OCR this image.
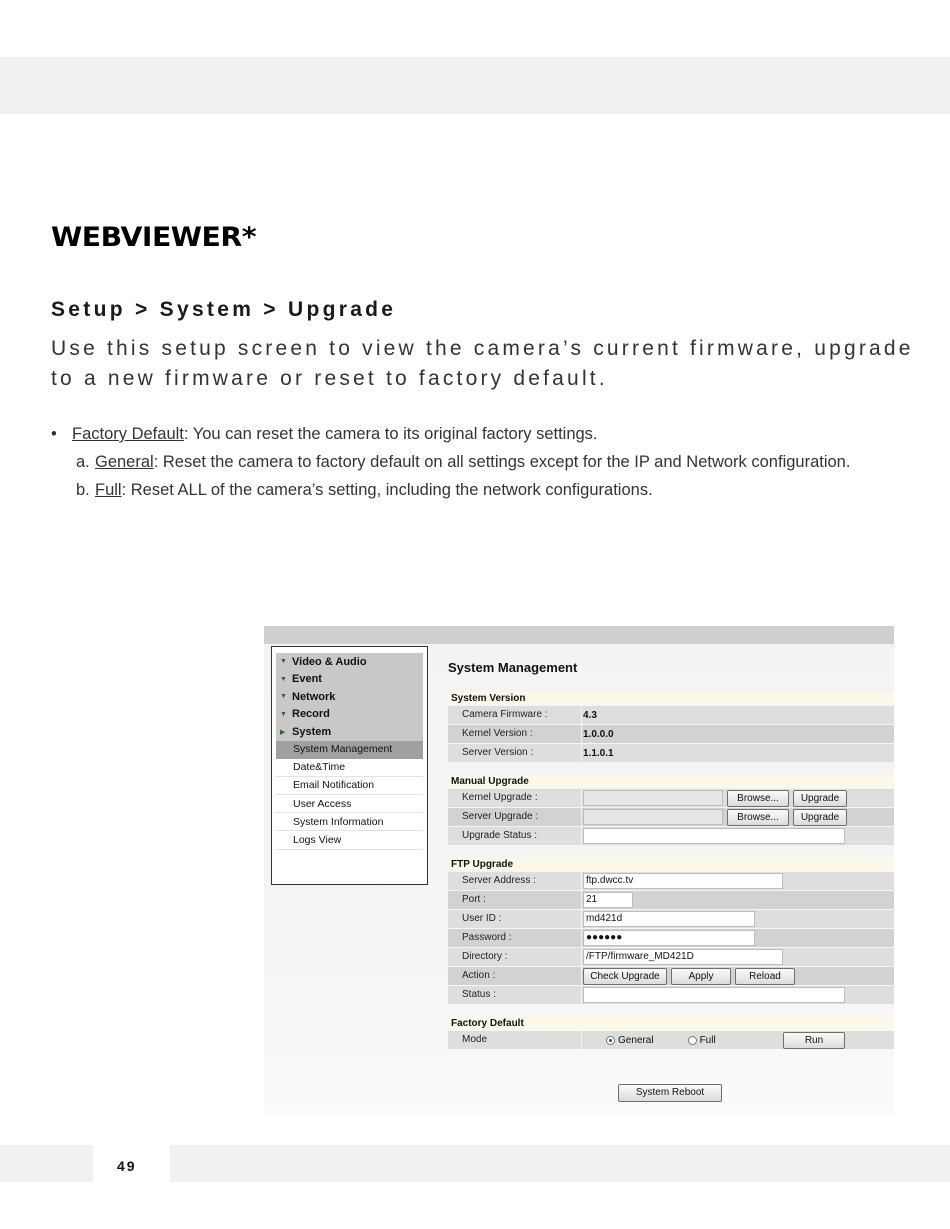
WEBVIEWER*
Setup > System > Upgrade
Use this setup screen to view the camera’s current firmware, upgrade to a new firmware or reset to factory default.
• Factory Default: You can reset the camera to its original factory settings.
a. General: Reset the camera to factory default on all settings except for the IP and Network configuration.
b. Full: Reset ALL of the camera’s setting, including the network configurations.
▼ Video & Audio
▼ Event
▼ Network
▼ Record
▶ System
System Management
Date&Time
Email Notification
User Access
System Information
Logs View
System Management
System Version
Camera Firmware :	4.3
Kernel Version :	1.0.0.0
Server Version :	1.1.0.1
Manual Upgrade
Kernel Upgrade :	Browse...	Upgrade
Server Upgrade :	Browse...	Upgrade
Upgrade Status :
FTP Upgrade
Server Address :	ftp.dwcc.tv
Port :	21
User ID :	md421d
Password :	●●●●●●
Directory :	/FTP/firmware_MD421D
Action :	Check Upgrade	Apply	Reload
Status :
Factory Default
Mode	General	Full	Run
System Reboot
49
